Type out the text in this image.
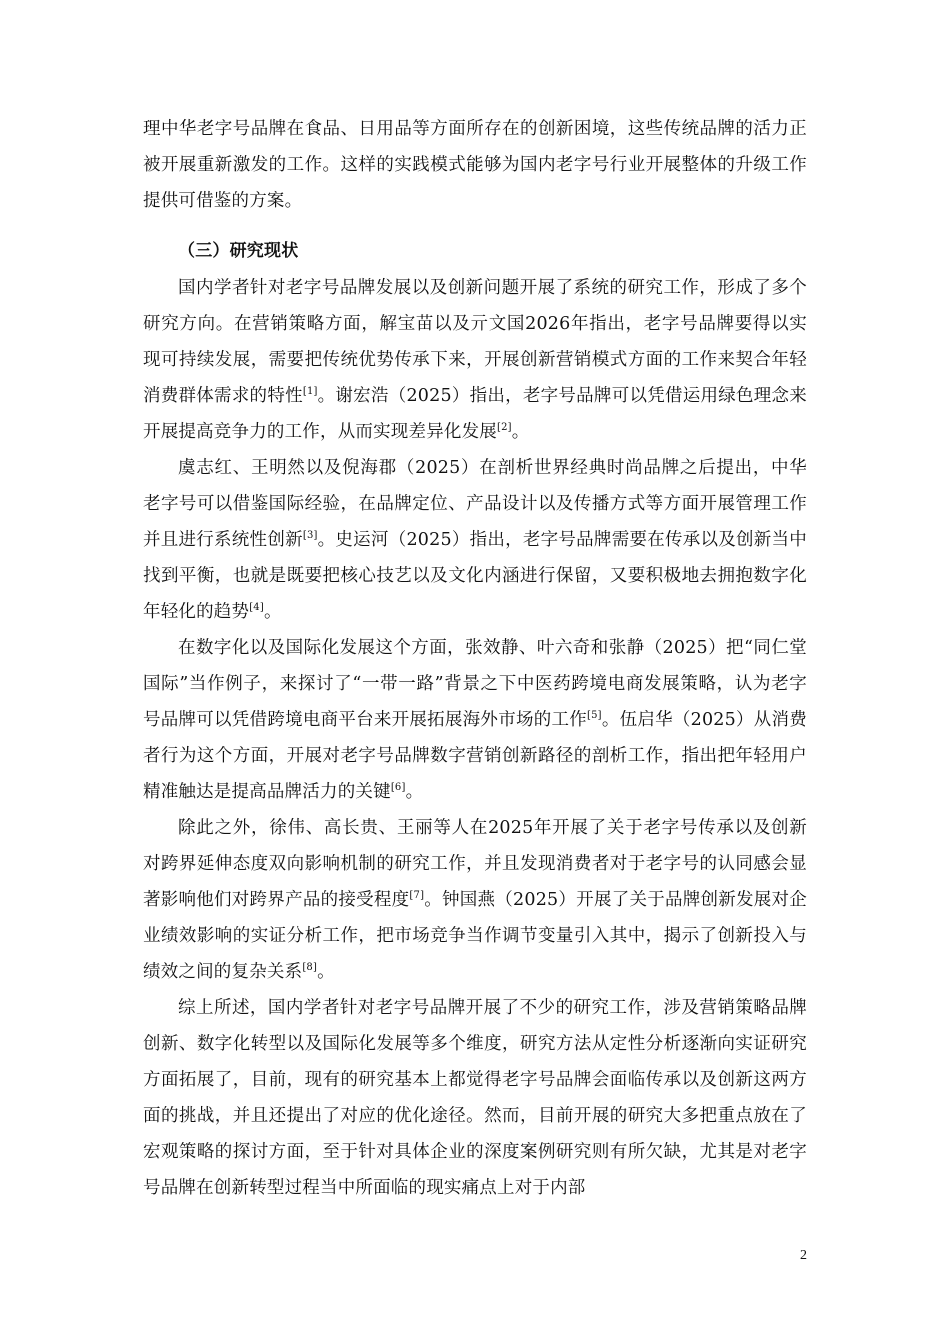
理中华老字号品牌在食品、日用品等方面所存在的创新困境，这些传统品牌的活力正被开展重新激发的工作。这样的实践模式能够为国内老字号行业开展整体的升级工作提供可借鉴的方案。

（三）研究现状

国内学者针对老字号品牌发展以及创新问题开展了系统的研究工作，形成了多个研究方向。在营销策略方面，解宝苗以及亓文国2026年指出，老字号品牌要得以实现可持续发展，需要把传统优势传承下来，开展创新营销模式方面的工作来契合年轻消费群体需求的特性[1]。谢宏浩（2025）指出，老字号品牌可以凭借运用绿色理念来开展提高竞争力的工作，从而实现差异化发展[2]。

虞志红、王明然以及倪海郡（2025）在剖析世界经典时尚品牌之后提出，中华老字号可以借鉴国际经验，在品牌定位、产品设计以及传播方式等方面开展管理工作并且进行系统性创新[3]。史运河（2025）指出，老字号品牌需要在传承以及创新当中找到平衡，也就是既要把核心技艺以及文化内涵进行保留，又要积极地去拥抱数字化年轻化的趋势[4]。

在数字化以及国际化发展这个方面，张效静、叶六奇和张静（2025）把“同仁堂国际”当作例子，来探讨了“一带一路”背景之下中医药跨境电商发展策略，认为老字号品牌可以凭借跨境电商平台来开展拓展海外市场的工作[5]。伍启华（2025）从消费者行为这个方面，开展对老字号品牌数字营销创新路径的剖析工作，指出把年轻用户精准触达是提高品牌活力的关键[6]。

除此之外，徐伟、高长贵、王丽等人在2025年开展了关于老字号传承以及创新对跨界延伸态度双向影响机制的研究工作，并且发现消费者对于老字号的认同感会显著影响他们对跨界产品的接受程度[7]。钟国燕（2025）开展了关于品牌创新发展对企业绩效影响的实证分析工作，把市场竞争当作调节变量引入其中，揭示了创新投入与绩效之间的复杂关系[8]。

综上所述，国内学者针对老字号品牌开展了不少的研究工作，涉及营销策略品牌创新、数字化转型以及国际化发展等多个维度，研究方法从定性分析逐渐向实证研究方面拓展了，目前，现有的研究基本上都觉得老字号品牌会面临传承以及创新这两方面的挑战，并且还提出了对应的优化途径。然而，目前开展的研究大多把重点放在了宏观策略的探讨方面，至于针对具体企业的深度案例研究则有所欠缺，尤其是对老字号品牌在创新转型过程当中所面临的现实痛点上对于内部

2
